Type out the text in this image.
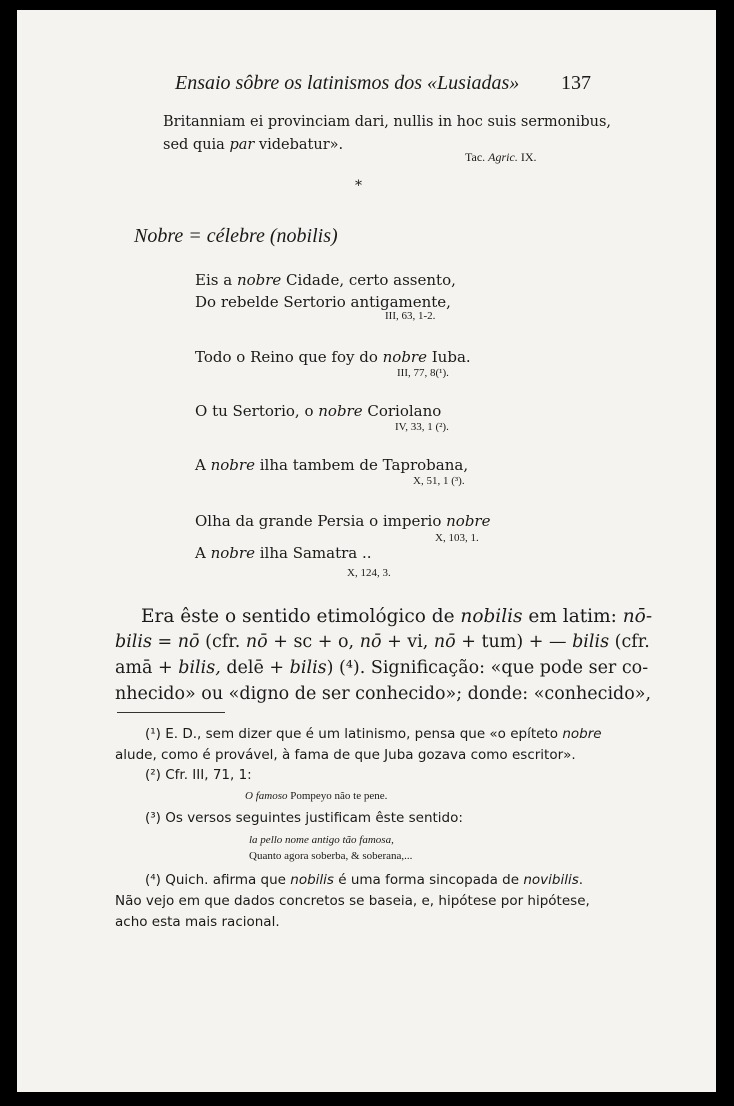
Ensaio sôbre os latinismos dos «Lusiadas» 137
Britanniam ei provinciam dari, nullis in hoc suis sermonibus,
sed quia par videbatur».
Tac. Agric. IX.
*
Nobre = célebre (nobilis)
Eis a nobre Cidade, certo assento,
Do rebelde Sertorio antigamente,
III, 63, 1-2.
Todo o Reino que foy do nobre Iuba.
III, 77, 8(¹).
O tu Sertorio, o nobre Coriolano
IV, 33, 1 (²).
A nobre ilha tambem de Taprobana,
X, 51, 1 (³).
Olha da grande Persia o imperio nobre
X, 103, 1.
A nobre ilha Samatra ..
X, 124, 3.
Era êste o sentido etimológico de nobilis em latim: nō-
bilis = nō (cfr. nō + sc + o, nō + vi, nō + tum) + — bilis (cfr.
amā + bilis, delē + bilis) (⁴). Significação: «que pode ser co-
nhecido» ou «digno de ser conhecido»; donde: «conhecido»,
(¹) E. D., sem dizer que é um latinismo, pensa que «o epíteto nobre
alude, como é provável, à fama de que Juba gozava como escritor».
(²) Cfr. III, 71, 1:
O famoso Pompeyo não te pene.
(³) Os versos seguintes justificam êste sentido:
la pello nome antigo tão famosa,
Quanto agora soberba, & soberana,...
(⁴) Quich. afirma que nobilis é uma forma sincopada de novibilis.
Não vejo em que dados concretos se baseia, e, hipótese por hipótese,
acho esta mais racional.
